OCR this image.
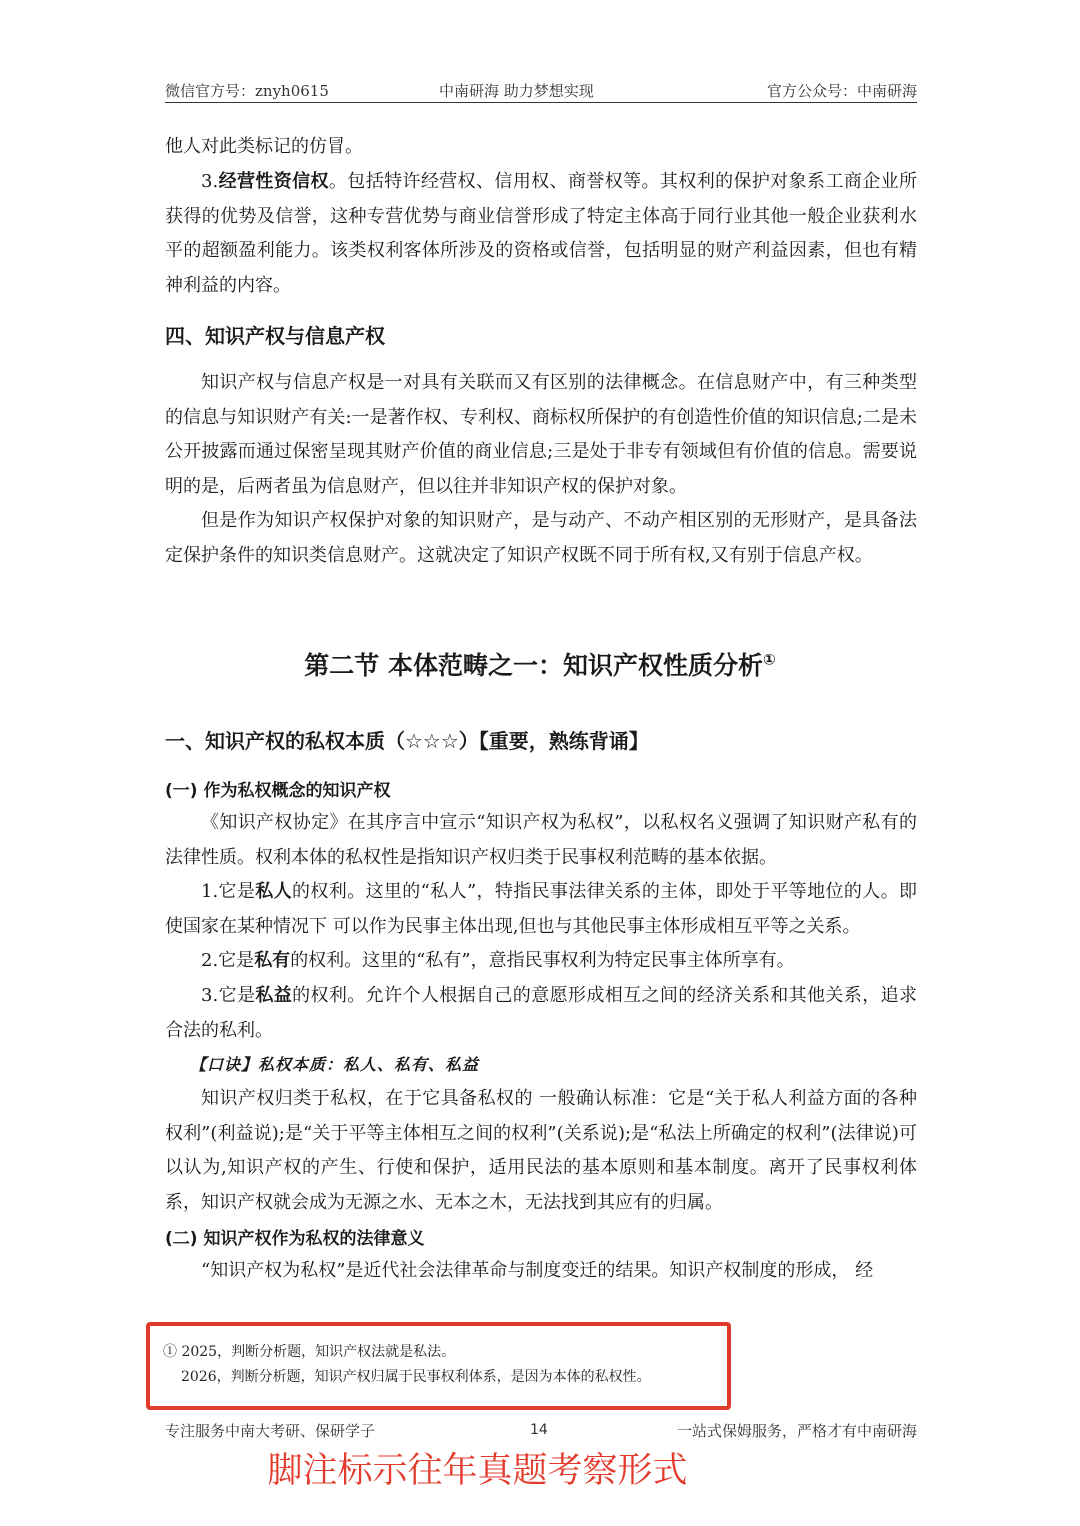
微信官方号：znyh0615	中南研海 助力梦想实现	官方公众号：中南研海

他人对此类标记的仿冒。

3.经营性资信权。包括特许经营权、信用权、商誉权等。其权利的保护对象系工商企业所获得的优势及信誉，这种专营优势与商业信誉形成了特定主体高于同行业其他一般企业获利水平的超额盈利能力。该类权利客体所涉及的资格或信誉，包括明显的财产利益因素，但也有精神利益的内容。

四、知识产权与信息产权

知识产权与信息产权是一对具有关联而又有区别的法律概念。在信息财产中，有三种类型的信息与知识财产有关:一是著作权、专利权、商标权所保护的有创造性价值的知识信息;二是未公开披露而通过保密呈现其财产价值的商业信息;三是处于非专有领域但有价值的信息。需要说明的是，后两者虽为信息财产，但以往并非知识产权的保护对象。

但是作为知识产权保护对象的知识财产，是与动产、不动产相区别的无形财产，是具备法定保护条件的知识类信息财产。这就决定了知识产权既不同于所有权,又有别于信息产权。

第二节 本体范畴之一：知识产权性质分析①
一、知识产权的私权本质（☆☆☆）【重要，熟练背诵】
(一) 作为私权概念的知识产权

《知识产权协定》在其序言中宣示“知识产权为私权”，以私权名义强调了知识财产私有的法律性质。权利本体的私权性是指知识产权归类于民事权利范畴的基本依据。

1.它是私人的权利。这里的“私人”，特指民事法律关系的主体，即处于平等地位的人。即使国家在某种情况下 可以作为民事主体出现,但也与其他民事主体形成相互平等之关系。

2.它是私有的权利。这里的“私有”，意指民事权利为特定民事主体所享有。

3.它是私益的权利。允许个人根据自己的意愿形成相互之间的经济关系和其他关系，追求合法的私利。

【口诀】私权本质：私人、私有、私益

知识产权归类于私权，在于它具备私权的 一般确认标准：它是“关于私人利益方面的各种权利”(利益说);是“关于平等主体相互之间的权利”(关系说);是“私法上所确定的权利”(法律说)可以认为,知识产权的产生、行使和保护，适用民法的基本原则和基本制度。离开了民事权利体系，知识产权就会成为无源之水、无本之木，无法找到其应有的归属。

(二) 知识产权作为私权的法律意义

“知识产权为私权”是近代社会法律革命与制度变迁的结果。知识产权制度的形成， 经

① 2025，判断分析题，知识产权法就是私法。
2026，判断分析题，知识产权归属于民事权利体系，是因为本体的私权性。
专注服务中南大考研、保研学子	14	一站式保姆服务，严格才有中南研海
脚注标示往年真题考察形式
